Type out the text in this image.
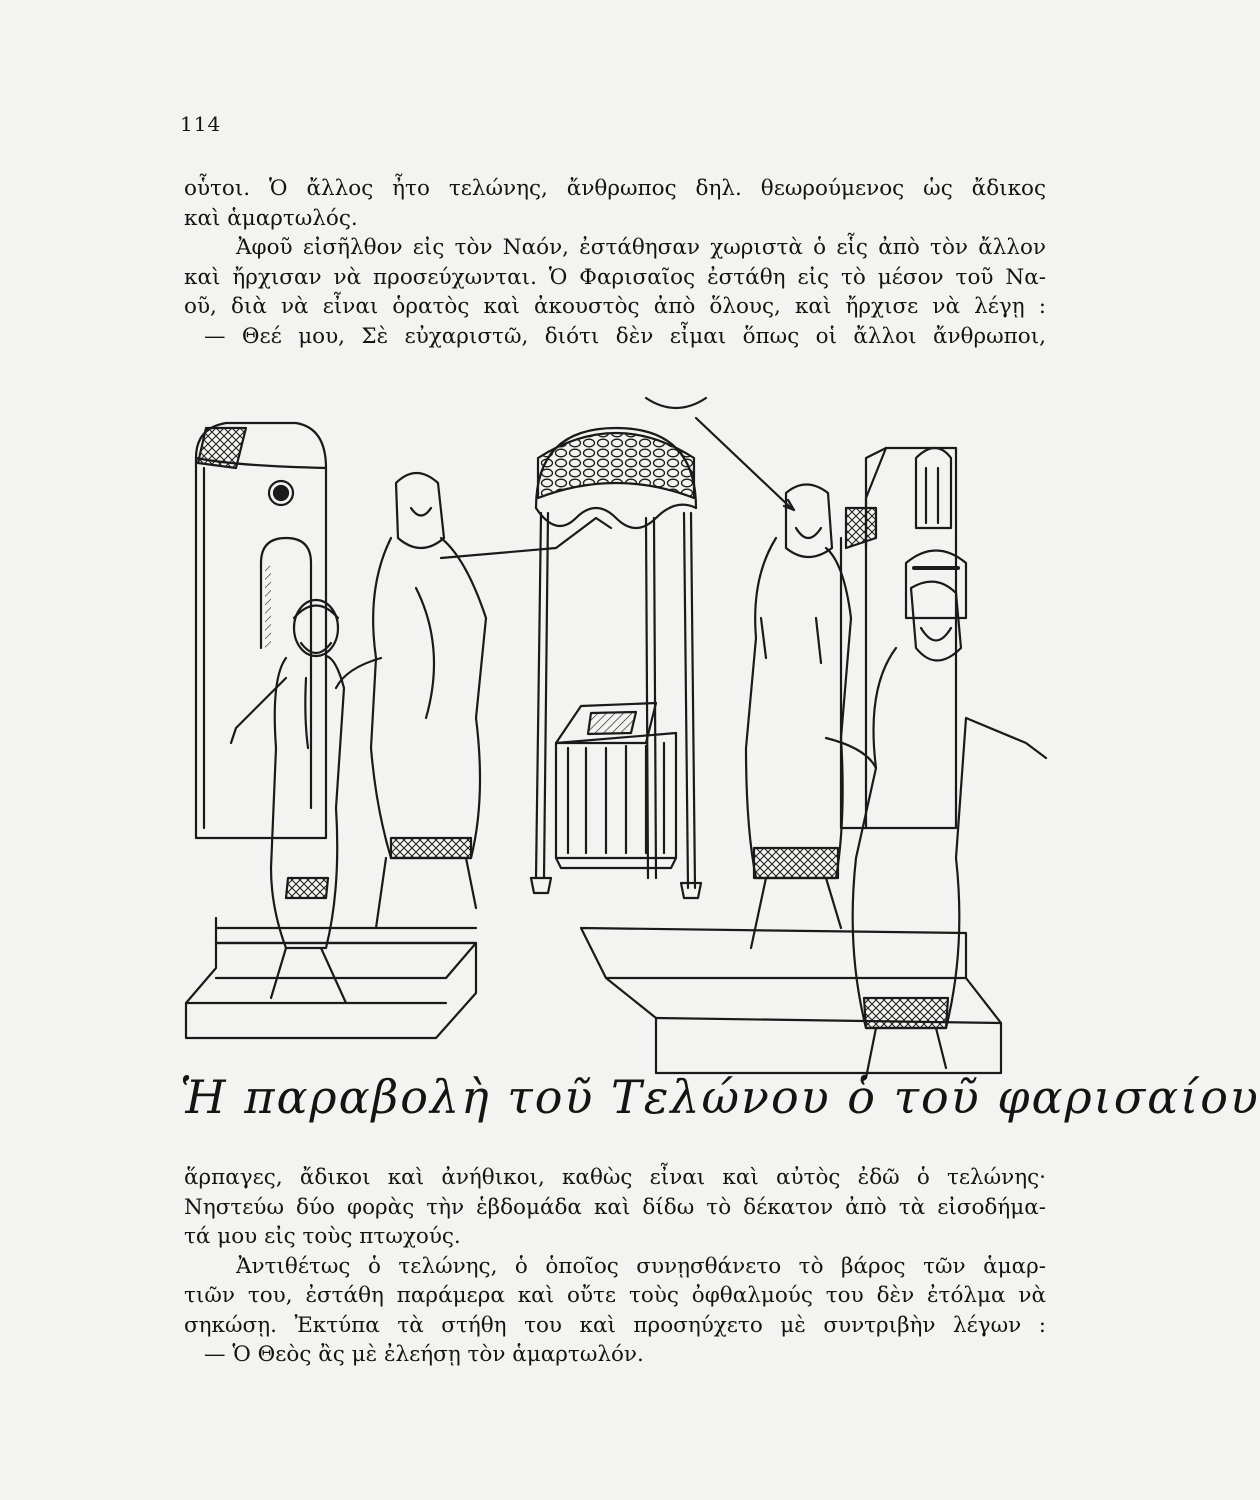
114

οὗτοι. Ὁ ἄλλος ἦτο τελώνης, ἄνθρωπος δηλ. θεωρούμενος ὡς ἄδικος

καὶ ἁμαρτωλός.

Ἀφοῦ εἰσῆλθον εἰς τὸν Ναόν, ἐστάθησαν χωριστὰ ὁ εἷς ἀπὸ τὸν ἄλλον

καὶ ἤρχισαν νὰ προσεύχωνται. Ὁ Φαρισαῖος ἐστάθη εἰς τὸ μέσον τοῦ Να-

οῦ, διὰ νὰ εἶναι ὁρατὸς καὶ ἀκουστὸς ἀπὸ ὅλους, καὶ ἤρχισε νὰ λέγῃ :

— Θεέ μου, Σὲ εὐχαριστῶ, διότι δὲν εἶμαι ὅπως οἱ ἄλλοι ἄνθρωποι,

Ἡ παραβολὴ τοῦ Τελώνου ὁ τοῦ φαρισαίου

ἅρπαγες, ἄδικοι καὶ ἀνήθικοι, καθὼς εἶναι καὶ αὐτὸς ἐδῶ ὁ τελώνης·

Νηστεύω δύο φορὰς τὴν ἑβδομάδα καὶ δίδω τὸ δέκατον ἀπὸ τὰ εἰσοδήμα-

τά μου εἰς τοὺς πτωχούς.

Ἀντιθέτως ὁ τελώνης, ὁ ὁποῖος συνῃσθάνετο τὸ βάρος τῶν ἁμαρ-

τιῶν του, ἐστάθη παράμερα καὶ οὔτε τοὺς ὀφθαλμούς του δὲν ἐτόλμα νὰ

σηκώσῃ. Ἐκτύπα τὰ στήθη του καὶ προσηύχετο μὲ συντριβὴν λέγων :

— Ὁ Θεὸς ἂς μὲ ἐλεήσῃ τὸν ἁμαρτωλόν.
